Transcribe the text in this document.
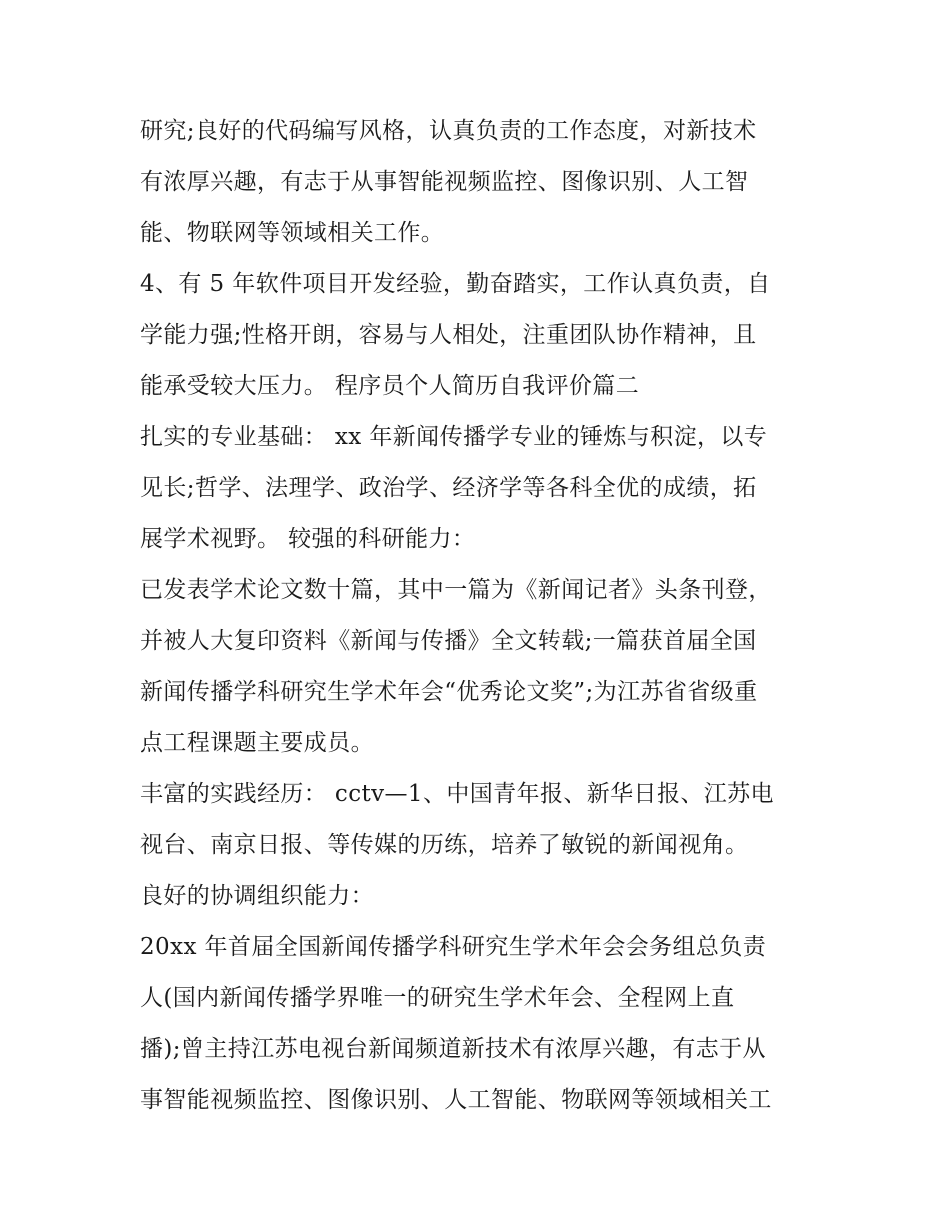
研究;良好的代码编写风格，认真负责的工作态度，对新技术
有浓厚兴趣，有志于从事智能视频监控、图像识别、人工智
能、物联网等领域相关工作。
4、有 5 年软件项目开发经验，勤奋踏实，工作认真负责，自
学能力强;性格开朗，容易与人相处，注重团队协作精神，且
能承受较大压力。 程序员个人简历自我评价篇二
扎实的专业基础： xx 年新闻传播学专业的锤炼与积淀，以专
见长;哲学、法理学、政治学、经济学等各科全优的成绩，拓
展学术视野。 较强的科研能力：
已发表学术论文数十篇，其中一篇为《新闻记者》头条刊登，
并被人大复印资料《新闻与传播》全文转载;一篇获首届全国
新闻传播学科研究生学术年会“优秀论文奖”;为江苏省省级重
点工程课题主要成员。
丰富的实践经历： cctv—1、中国青年报、新华日报、江苏电
视台、南京日报、等传媒的历练，培养了敏锐的新闻视角。
良好的协调组织能力：
20xx 年首届全国新闻传播学科研究生学术年会会务组总负责
人(国内新闻传播学界唯一的研究生学术年会、全程网上直
播);曾主持江苏电视台新闻频道新技术有浓厚兴趣，有志于从
事智能视频监控、图像识别、人工智能、物联网等领域相关工
